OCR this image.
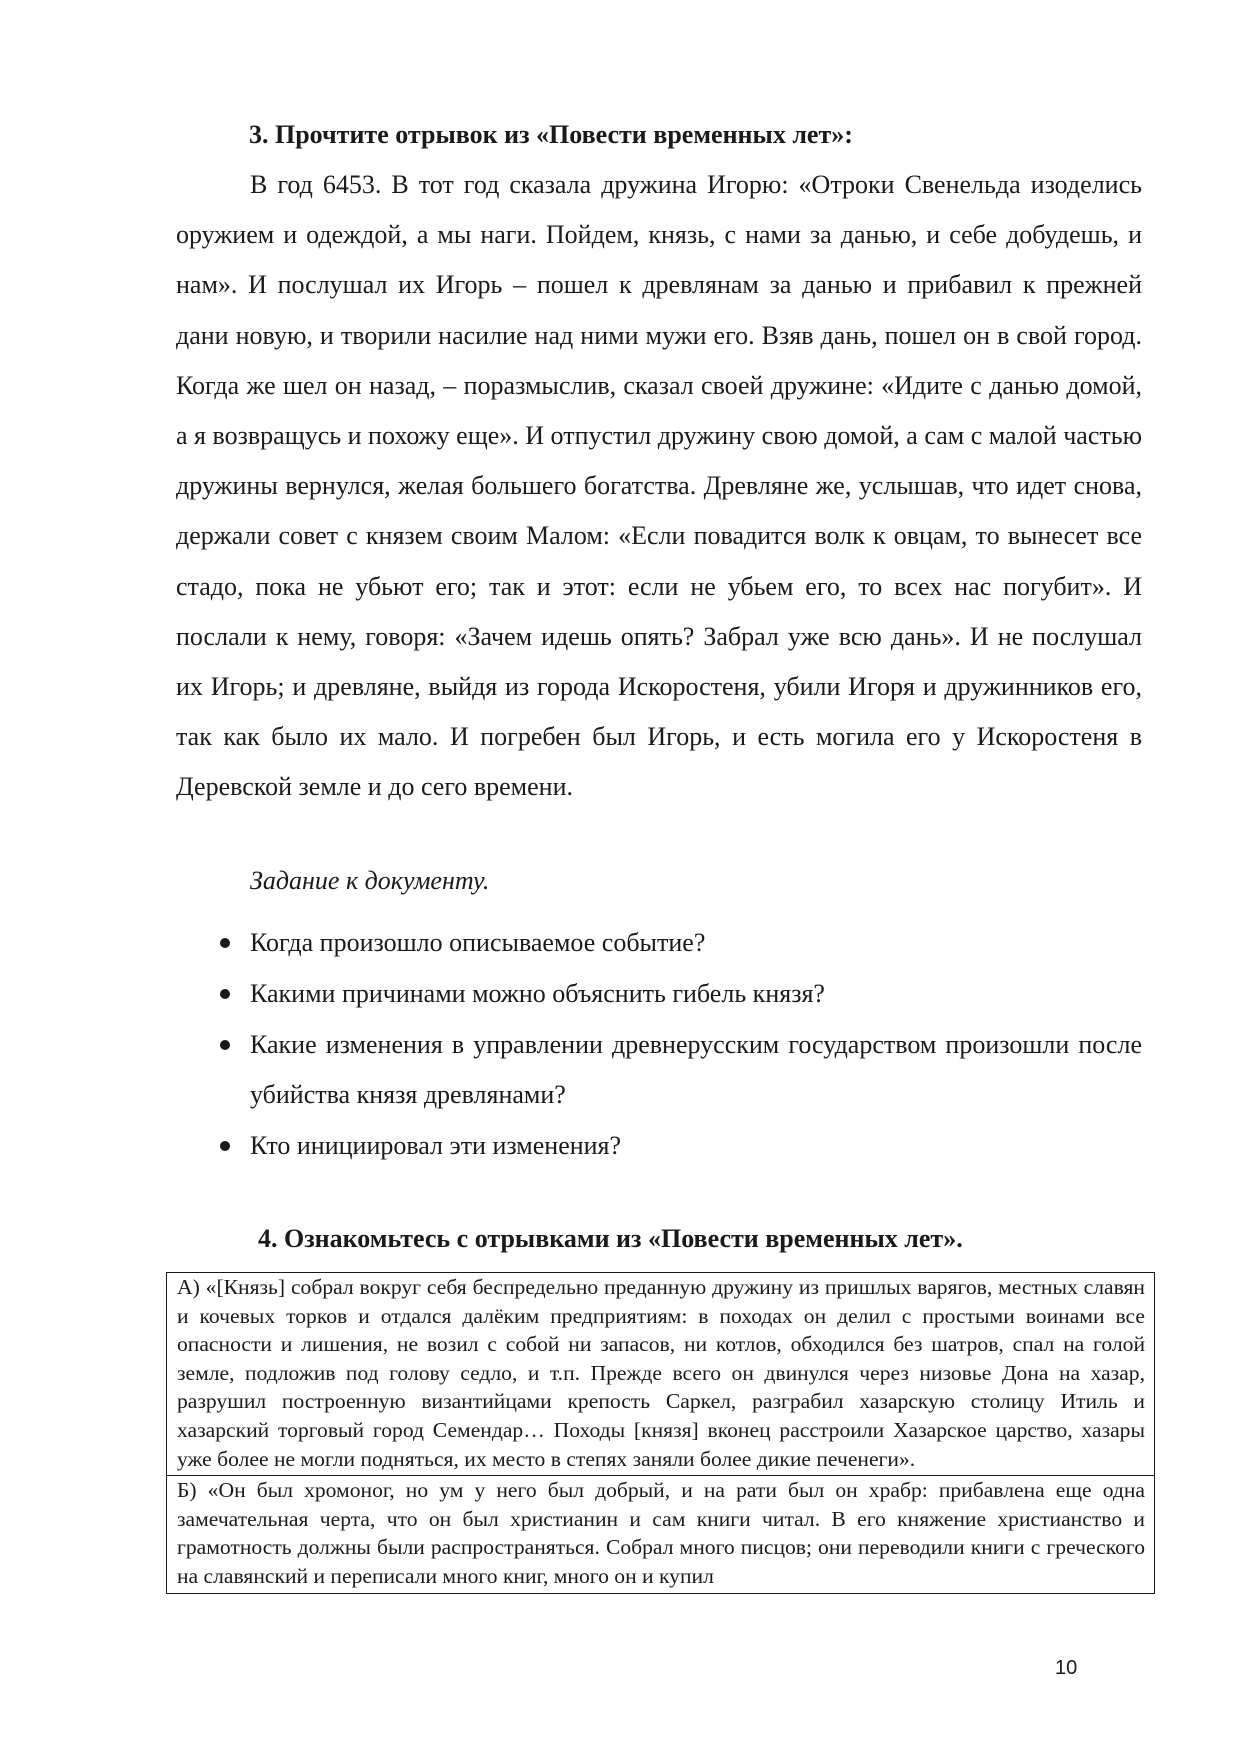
3. Прочтите отрывок из «Повести временных лет»:

В год 6453. В тот год сказала дружина Игорю: «Отроки Свенельда изоделись оружием и одеждой, а мы наги. Пойдем, князь, с нами за данью, и себе добудешь, и нам». И послушал их Игорь – пошел к древлянам за данью и прибавил к прежней дани новую, и творили насилие над ними мужи его. Взяв дань, пошел он в свой город. Когда же шел он назад, – поразмыслив, сказал своей дружине: «Идите с данью домой, а я возвращусь и похожу еще». И отпустил дружину свою домой, а сам с малой частью дружины вернулся, желая большего богатства. Древляне же, услышав, что идет снова, держали совет с князем своим Малом: «Если повадится волк к овцам, то вынесет все стадо, пока не убьют его; так и этот: если не убьем его, то всех нас погубит». И послали к нему, говоря: «Зачем идешь опять? Забрал уже всю дань». И не послушал их Игорь; и древляне, выйдя из города Искоростеня, убили Игоря и дружинников его, так как было их мало. И погребен был Игорь, и есть могила его у Искоростеня в Деревской земле и до сего времени.

Задание к документу.
Когда произошло описываемое событие?
Какими причинами можно объяснить гибель князя?
Какие изменения в управлении древнерусским государством произошли после убийства князя древлянами?
Кто инициировал эти изменения?
4. Ознакомьтесь с отрывками из «Повести временных лет».
А) «[Князь] собрал вокруг себя беспредельно преданную дружину из пришлых варягов, местных славян и кочевых торков и отдался далёким предприятиям: в походах он делил с простыми воинами все опасности и лишения, не возил с собой ни запасов, ни котлов, обходился без шатров, спал на голой земле, подложив под голову седло, и т.п. Прежде всего он двинулся через низовье Дона на хазар, разрушил построенную византийцами крепость Саркел, разграбил хазарскую столицу Итиль и хазарский торговый город Семендар… Походы [князя] вконец расстроили Хазарское царство, хазары уже более не могли подняться, их место в степях заняли более дикие печенеги».
Б) «Он был хромоног, но ум у него был добрый, и на рати был он храбр: прибавлена еще одна замечательная черта, что он был христианин и сам книги читал. В его княжение христианство и грамотность должны были распространяться. Собрал много писцов; они переводили книги с греческого на славянский и переписали много книг, много он и купил
10
